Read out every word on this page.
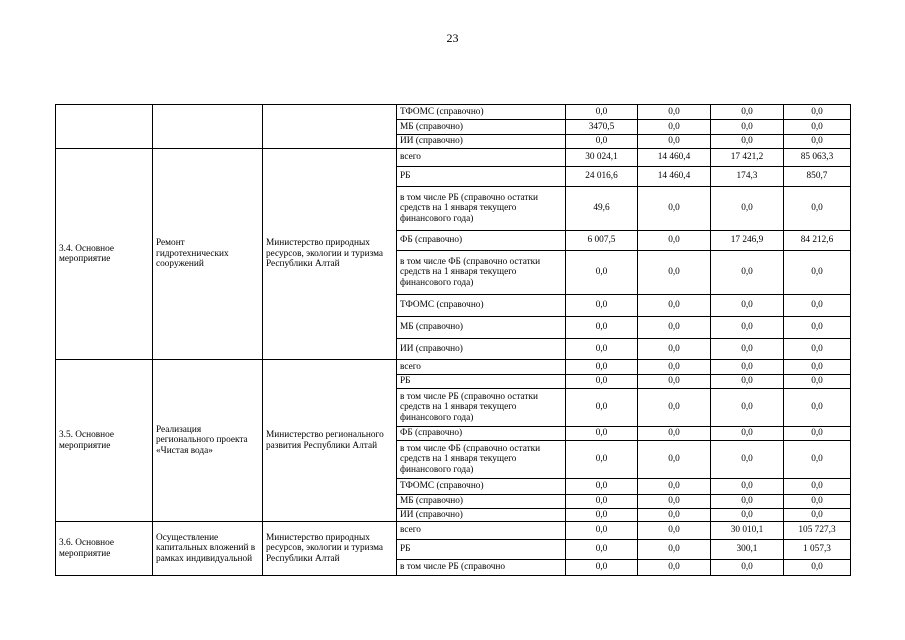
23
			ТФОМС (справочно)	0,0	0,0	0,0	0,0
			МБ (справочно)	3470,5	0,0	0,0	0,0
			ИИ (справочно)	0,0	0,0	0,0	0,0
3.4. Основное мероприятие	Ремонт гидротехнических сооружений	Министерство природных ресурсов, экологии и туризма Республики Алтай	всего	30 024,1	14 460,4	17 421,2	85 063,3
			РБ	24 016,6	14 460,4	174,3	850,7
			в том числе РБ (справочно остатки средств на 1 января текущего финансового года)	49,6	0,0	0,0	0,0
			ФБ (справочно)	6 007,5	0,0	17 246,9	84 212,6
			в том числе ФБ (справочно остатки средств на 1 января текущего финансового года)	0,0	0,0	0,0	0,0
			ТФОМС (справочно)	0,0	0,0	0,0	0,0
			МБ (справочно)	0,0	0,0	0,0	0,0
			ИИ (справочно)	0,0	0,0	0,0	0,0
3.5. Основное мероприятие	Реализация регионального проекта «Чистая вода»	Министерство регионального развития Республики Алтай	всего	0,0	0,0	0,0	0,0
			РБ	0,0	0,0	0,0	0,0
			в том числе РБ (справочно остатки средств на 1 января текущего финансового года)	0,0	0,0	0,0	0,0
			ФБ (справочно)	0,0	0,0	0,0	0,0
			в том числе ФБ (справочно остатки средств на 1 января текущего финансового года)	0,0	0,0	0,0	0,0
			ТФОМС (справочно)	0,0	0,0	0,0	0,0
			МБ (справочно)	0,0	0,0	0,0	0,0
			ИИ (справочно)	0,0	0,0	0,0	0,0
3.6. Основное мероприятие	Осуществление капитальных вложений в рамках индивидуальной	Министерство природных ресурсов, экологии и туризма Республики Алтай	всего	0,0	0,0	30 010,1	105 727,3
			РБ	0,0	0,0	300,1	1 057,3
			в том числе РБ (справочно	0,0	0,0	0,0	0,0
